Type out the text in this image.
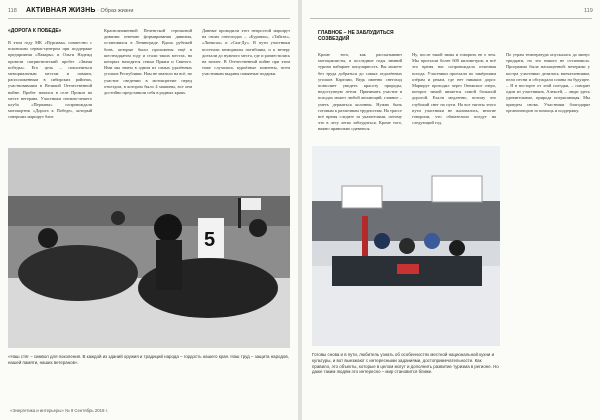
118 АКТИВНАЯ ЖИЗНЬ · Образ жизни
«ДОРОГА К ПОБЕДЕ»
В этом году МК «Пурпавы» совместно с псковским сервис-центром при поддержке предприятия «Пакары» и Ольги Надежд провели патриотический пробег «Знамя победы». Его цель – поклониться мемориальным местам и памяти, расположенным в сибирских районах, участвовавшим в Великой Отечественной войне. Пробег начался в селе Прокоп на месте ветерана. Участники снежно-пешего клуба «Перпаны» сопровождали мотокортеж «Дорога к Победе», который совершил маршрут близ
Краснознаменной Печенгской стрелковой дивизии отвечаю формирования дивизии, остановился в Ленинграде. Вдоль рубежей боев, которые были проложены ещё в шестнадцатом году и стали таких местах, на которых находятся семьи Пряжи и Святого. Ими мы знаем в одном из самых удалённых уголков Республики. Нам не хватило на всё, но участие сведении в мотокортеже перед отъездом, в котором было 4 машины, все они достойно представили себя в родных краях.
Данные проводили этот непростой маршрут на своих снегоходах – «Буранах», «Тайгах», «Линксах» и «Ски-Ду». В пути участники посетили мемориалы погибшим, и к вечеру доехали до нужного места, где и разместились на ночлег. В Отечественной войне при этом тоже случались курьёзные моменты, всем участникам выданы памятные подарки.
5
«Наш стяг – символ для поколения. В каждой из зданий оружия и традиций народа – гордость нашего края. Наш труд – защита народов, нашей памяти, наших ветеранов».
«Энергетика и интерьеры» № 9 Сентябрь 2019 г.
119
ГЛАВНОЕ – НЕ ЗАБЛУДИТЬСЯ СОЗВЕЗДИЙ
Кроме того, как рассказывают мотоциклисты, в последние годы зимний туризм набирает популярность. Вы можете без труда добраться до самых отдалённых уголков Карелии, Ведь именно снегоход позволяет увидеть красоту природы, недоступную летом. Принимать участие в походах может любой желающий, главное – уметь держаться колонны. Нужно быть готовым к различным трудностям. На трассе всё время следите за указателями, потому что в лесу легко заблудиться. Кроме того, важно правильно одеваться.
Ну, после такой зимы и говорить не о чем. Мы проехали более 600 километров, и всё это время нас сопровождала отличная погода. Участники проехали по замёрзшим озёрам и рекам, где нет никаких дорог. Маршрут проходил через Онежское озеро, которое зимой является самой большой дорогой. Ехали медленно, потому что глубокий снег на пути. На все тяготы этого пути участники не жаловались, многие говорили, что обязательно поедут на следующий год.
По утрам температура опускалась до минус тридцати, но это никого не остановило. Программа была насыщенной: вечерами у костра участники делились впечатлениями, пели песни и обсуждали планы на будущее. – Я в восторге от этой поездки, – говорит один из участников, Алексей, – люди здесь удивительные, природа потрясающая. Мы приедем снова. Участники благодарят организаторов за помощь и поддержку.
Готовы снова и в пути, любитель узнать об особенностях местной национальной кухни и культуры, и вот выезжают с интересными заданиями, достопримечательности. Как правило, это объекты, которые в целом могут и дополнить развитие туризма в регионе. Но даже таким людям это интересно – мир становится ближе.
